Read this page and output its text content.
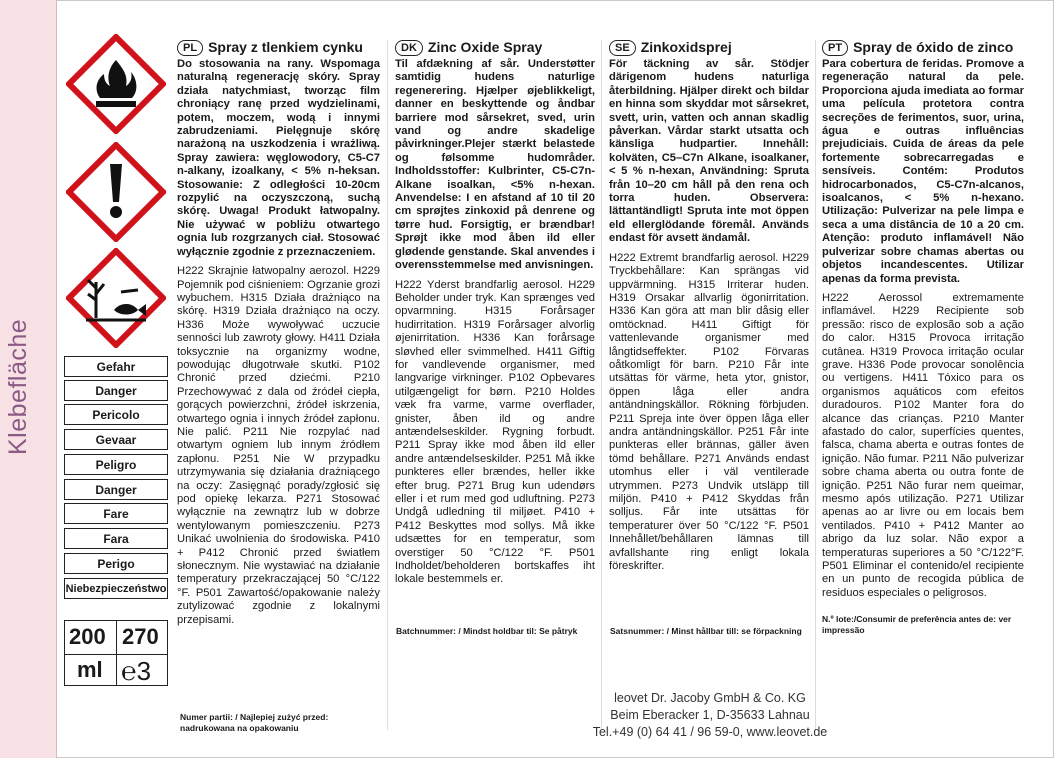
Klebefläche	Gefahr
Danger
Pericolo
Gevaar
Peligro
Danger
Fare
Fara
Perigo
Niebezpieczeństwo
200 270
ml ℮3
PL Spray z tlenkiem cynku

Do stosowania na rany. Wspomaga naturalną regenerację skóry. Spray działa natychmiast, tworząc film chroniący ranę przed wydzielinami, potem, moczem, wodą i innymi zabrudzeniami. Pielęgnuje skórę narażoną na uszkodzenia i wrażliwą. Spray zawiera: węglowodory, C5-C7 n-alkany, izoalkany, < 5% n-heksan. Stosowanie: Z odległości 10-20cm rozpylić na oczyszczoną, suchą skórę. Uwaga! Produkt łatwopalny. Nie używać w pobliżu otwartego ognia lub rozgrzanych ciał. Stosować wyłącznie zgodnie z przeznaczeniem.

H222 Skrajnie łatwopalny aerozol. H229 Pojemnik pod ciśnieniem: Ogrzanie grozi wybuchem. H315 Działa drażniąco na skórę. H319 Działa drażniąco na oczy. H336 Może wywoływać uczucie senności lub zawroty głowy. H411 Działa toksycznie na organizmy wodne, powodując długotrwałe skutki. P102 Chronić przed dziećmi. P210 Przechowywać z dala od źródeł ciepła, gorących powierzchni, źródeł iskrzenia, otwartego ognia i innych źródeł zapłonu. Nie palić. P211 Nie rozpylać nad otwartym ogniem lub innym źródłem zapłonu. P251 Nie W przypadku utrzymywania się działania drażniącego na oczy: Zasięgnąć porady/zgłosić się pod opiekę lekarza. P271 Stosować wyłącznie na zewnątrz lub w dobrze wentylowanym pomieszczeniu. P273 Unikać uwolnienia do środowiska. P410 + P412 Chronić przed światłem słonecznym. Nie wystawiać na działanie temperatury przekraczającej 50 °C/122 °F. P501 Zawartość/opakowanie należy zutylizować zgodnie z lokalnymi przepisami.

Numer partii: / Najlepiej zużyć przed: nadrukowana na opakowaniu
DK Zinc Oxide Spray

Til afdækning af sår. Understøtter samtidig hudens naturlige regenerering. Hjælper øjeblikkeligt, danner en beskyttende og åndbar barriere mod sårsekret, sved, urin vand og andre skadelige påvirkninger.Plejer stærkt belastede og følsomme hudområder. Indholdsstoffer: Kulbrinter, C5-C7n-Alkane isoalkan, <5% n-hexan. Anvendelse: I en afstand af 10 til 20 cm sprøjtes zinkoxid på denrene og tørre hud. Forsigtig, er brændbar! Sprøjt ikke mod åben ild eller glødende genstande. Skal anvendes i overensstemmelse med anvisningen.

H222 Yderst brandfarlig aerosol. H229 Beholder under tryk. Kan sprænges ved opvarmning. H315 Forårsager hudirritation. H319 Forårsager alvorlig øjenirritation. H336 Kan forårsage sløvhed eller svimmelhed. H411 Giftig for vandlevende organismer, med langvarige virkninger. P102 Opbevares utilgængeligt for børn. P210 Holdes væk fra varme, varme overflader, gnister, åben ild og andre antændelseskilder. Rygning forbudt. P211 Spray ikke mod åben ild eller andre antændelseskilder. P251 Må ikke punkteres eller brændes, heller ikke efter brug. P271 Brug kun udendørs eller i et rum med god udluftning. P273 Undgå udledning til miljøet. P410 + P412 Beskyttes mod sollys. Må ikke udsættes for en temperatur, som overstiger 50 °C/122 °F. P501 Indholdet/beholderen bortskaffes iht lokale bestemmels er.

Batchnummer: / Mindst holdbar til: Se påtryk
SE Zinkoxidsprej

För täckning av sår. Stödjer därigenom hudens naturliga återbildning. Hjälper direkt och bildar en hinna som skyddar mot sårsekret, svett, urin, vatten och annan skadlig påverkan. Vårdar starkt utsatta och känsliga hudpartier. Innehåll: kolväten, C5–C7n Alkane, isoalkaner, < 5 % n-hexan, Användning: Spruta från 10–20 cm håll på den rena och torra huden. Observera: lättantändligt! Spruta inte mot öppen eld ellerglödande föremål. Används endast för avsett ändamål.

H222 Extremt brandfarlig aerosol. H229 Tryckbehållare: Kan sprängas vid uppvärmning. H315 Irriterar huden. H319 Orsakar allvarlig ögonirritation. H336 Kan göra att man blir dåsig eller omtöcknad. H411 Giftigt för vattenlevande organismer med långtidseffekter. P102 Förvaras oåtkomligt för barn. P210 Får inte utsättas för värme, heta ytor, gnistor, öppen låga eller andra antändningskällor. Rökning förbjuden. P211 Spreja inte över öppen låga eller andra antändningskällor. P251 Får inte punkteras eller brännas, gäller även tömd behållare. P271 Används endast utomhus eller i väl ventilerade utrymmen. P273 Undvik utsläpp till miljön. P410 + P412 Skyddas från solljus. Får inte utsättas för temperaturer över 50 °C/122 °F. P501 Innehållet/behållaren lämnas till avfallshante ring enligt lokala föreskrifter.

Satsnummer: / Minst hållbar till: se förpackning
PT Spray de óxido de zinco

Para cobertura de feridas. Promove a regeneração natural da pele. Proporciona ajuda imediata ao formar uma película protetora contra secreções de ferimentos, suor, urina, água e outras influências prejudiciais. Cuida de áreas da pele fortemente sobrecarregadas e sensíveis. Contém: Produtos hidrocarbonados, C5-C7n-alcanos, isoalcanos, < 5% n-hexano. Utilização: Pulverizar na pele limpa e seca a uma distância de 10 a 20 cm. Atenção: produto inflamável! Não pulverizar sobre chamas abertas ou objetos incandescentes. Utilizar apenas da forma prevista.

H222 Aerossol extremamente inflamável. H229 Recipiente sob pressão: risco de explosão sob a ação do calor. H315 Provoca irritação cutânea. H319 Provoca irritação ocular grave. H336 Pode provocar sonolência ou vertigens. H411 Tóxico para os organismos aquáticos com efeitos duradouros. P102 Manter fora do alcance das crianças. P210 Manter afastado do calor, superfícies quentes, falsca, chama aberta e outras fontes de ignição. Não fumar. P211 Não pulverizar sobre chama aberta ou outra fonte de ignição. P251 Não furar nem queimar, mesmo após utilização. P271 Utilizar apenas ao ar livre ou em locais bem ventilados. P410 + P412 Manter ao abrigo da luz solar. Não expor a temperaturas superiores a 50 °C/122°F. P501 Eliminar el contenido/el recipiente en un punto de recogida pública de residuos especiales o peligrosos.

N.º lote:/Consumir de preferência antes de: ver impressão
leovet Dr. Jacoby GmbH & Co. KG
Beim Eberacker 1, D-35633 Lahnau
Tel.+49 (0) 64 41 / 96 59-0, www.leovet.de
